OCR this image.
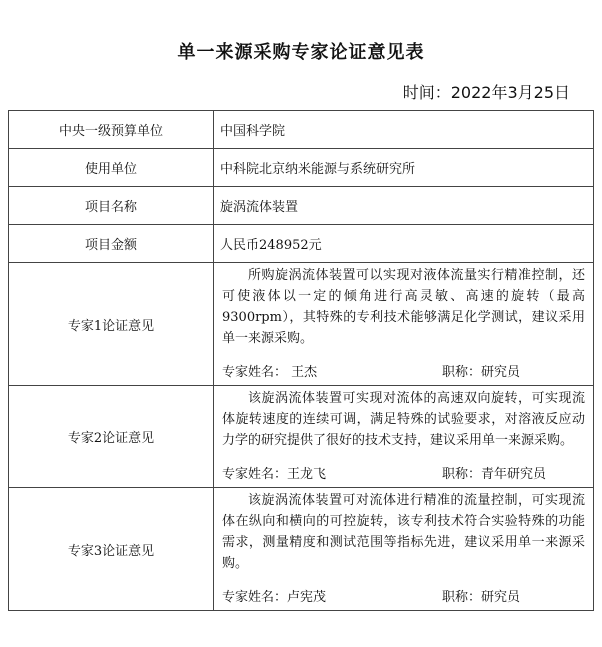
单一来源采购专家论证意见表
时间：2022年3月25日
中央一级预算单位	中国科学院
使用单位	中科院北京纳米能源与系统研究所
项目名称	旋涡流体装置
项目金额	人民币248952元
专家1论证意见	所购旋涡流体装置可以实现对液体流量实行精准控制，还可使液体以一定的倾角进行高灵敏、高速的旋转（最高9300rpm），其特殊的专利技术能够满足化学测试，建议采用单一来源采购。
专家姓名： 王杰 职称：研究员

专家2论证意见	该旋涡流体装置可实现对流体的高速双向旋转，可实现流体旋转速度的连续可调，满足特殊的试验要求，对溶液反应动力学的研究提供了很好的技术支持，建议采用单一来源采购。
专家姓名：王龙飞 职称：青年研究员

专家3论证意见	该旋涡流体装置可对流体进行精准的流量控制，可实现流体在纵向和横向的可控旋转，该专利技术符合实验特殊的功能需求，测量精度和测试范围等指标先进，建议采用单一来源采购。
专家姓名：卢宪茂 职称：研究员
